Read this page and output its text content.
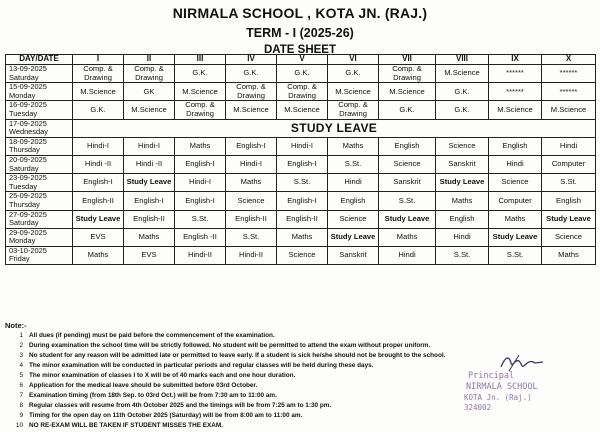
NIRMALA SCHOOL , KOTA JN. (RAJ.)
TERM - I (2025-26)
DATE SHEET
DAY/DATE	I	II	III	IV	V	VI	VII	VIII	IX	X

13-09-2025
Saturday	Comp. & Drawing	Comp. & Drawing	G.K.	G.K.	G.K.	G.K.	Comp. & Drawing	M.Science	******	******

15-09-2025
Monday	M.Science	GK	M.Science	Comp. & Drawing	Comp. & Drawing	M.Science	M.Science	G.K.	******	******

16-09-2025
Tuesday	G.K.	M.Science	Comp. & Drawing	M.Science	M.Science	Comp. & Drawing	G.K.	G.K.	M.Science	M.Science

17-09-2025
Wednesday	STUDY LEAVE									

18-09-2025
Thursday	Hindi-I	Hindi-I	Maths	English-I	Hindi-I	Maths	English	Science	English	Hindi

20-09-2025
Saturday	Hindi -II	Hindi -II	English-I	Hindi-I	English-I	S.St.	Science	Sanskrit	Hindi	Computer

23-09-2025
Tuesday	English-I	Study Leave	Hindi-I	Maths	S.St.	Hindi	Sanskrit	Study Leave	Science	S.St.

25-09-2025
Thursday	English-II	English-I	English-I	Science	English-I	English	S.St.	Maths	Computer	English

27-09-2025
Saturday	Study Leave	English-II	S.St.	English-II	English-II	Science	Study Leave	English	Maths	Study Leave

29-09-2025
Monday	EVS	Maths	English -II	S.St.	Maths	Study Leave	Maths	Hindi	Study Leave	Science

03-10-2025
Friday	Maths	EVS	Hindi-II	Hindi-II	Science	Sanskrit	Hindi	S.St.	S.St.	Maths
Note:-
1 All dues (if pending) must be paid before the commencement of the examination.
2 During examination the school time will be strictly followed. No student will be permitted to attend the exam without proper uniform.
3 No student for any reason will be admitted late or permitted to leave early. If a student is sick he/she should not be brought to the school.
4 The minor examination will be conducted in particular periods and regular classes will be held during these days.
5 The minor examination of classes I to X will be of 40 marks each and one hour duration.
6 Application for the medical leave should be submitted before 03rd October.
7 Examination timing (from 18th Sep. to 03rd Oct.) will be from 7:30 am to 11:00 am.
8 Regular classes will resume from 4th October 2025 and the timings will be from 7:25 am to 1:30 pm.
9 Timing for the open day on 11th October 2025 (Saturday) will be from 8:00 am to 11:00 am.
10 NO RE-EXAM WILL BE TAKEN IF STUDENT MISSES THE EXAM.
Principal
NIRMALA SCHOOL
KOTA Jn. (Raj.) 324002
